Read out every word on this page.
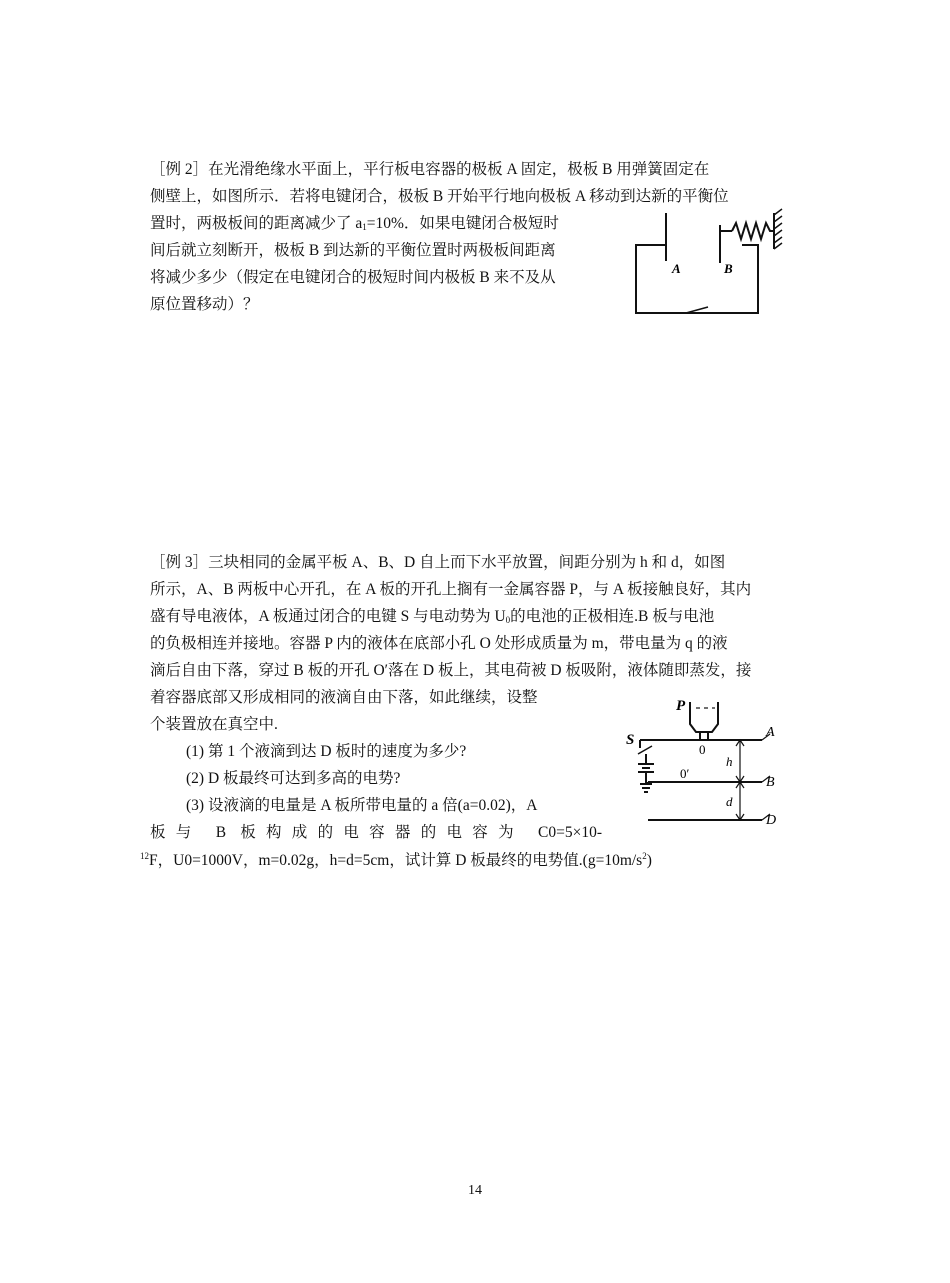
［例 2］在光滑绝缘水平面上，平行板电容器的极板 A 固定，极板 B 用弹簧固定在
侧壁上，如图所示．若将电键闭合，极板 B 开始平行地向极板 A 移动到达新的平衡位
置时，两极板间的距离减少了 $a_1=10\%$．如果电键闭合极短时
间后就立刻断开，极板 B 到达新的平衡位置时两极板间距离
将减少多少（假定在电键闭合的极短时间内极板 B 来不及从
原位置移动）？
A	B
［例 3］三块相同的金属平板 A、B、D 自上而下水平放置，间距分别为 h 和 d，如图
所示，A、B 两板中心开孔，在 A 板的开孔上搁有一金属容器 P，与 A 板接触良好，其内
盛有导电液体，A 板通过闭合的电键 S 与电动势为 $U_0$的电池的正极相连.B 板与电池
的负极相连并接地。容器 P 内的液体在底部小孔 O 处形成质量为 m，带电量为 q 的液
滴后自由下落，穿过 B 板的开孔 O′落在 D 板上，其电荷被 D 板吸附，液体随即蒸发，接
着容器底部又形成相同的液滴自由下落，如此继续，设整
个装置放在真空中.
(1) 第 1 个液滴到达 D 板时的速度为多少?
(2) D 板最终可达到多高的电势?
(3) 设液滴的电量是 A 板所带电量的 a 倍(a=0.02)，A
板与 B 板构成的电容器的电容为 C0=5×10-
$^{12}$F，U0=1000V，m=0.02g，h=d=5cm，试计算 D 板最终的电势值$.(g=10m/s^2)$
P
S
0
0′
A
B
D
h
d
14
